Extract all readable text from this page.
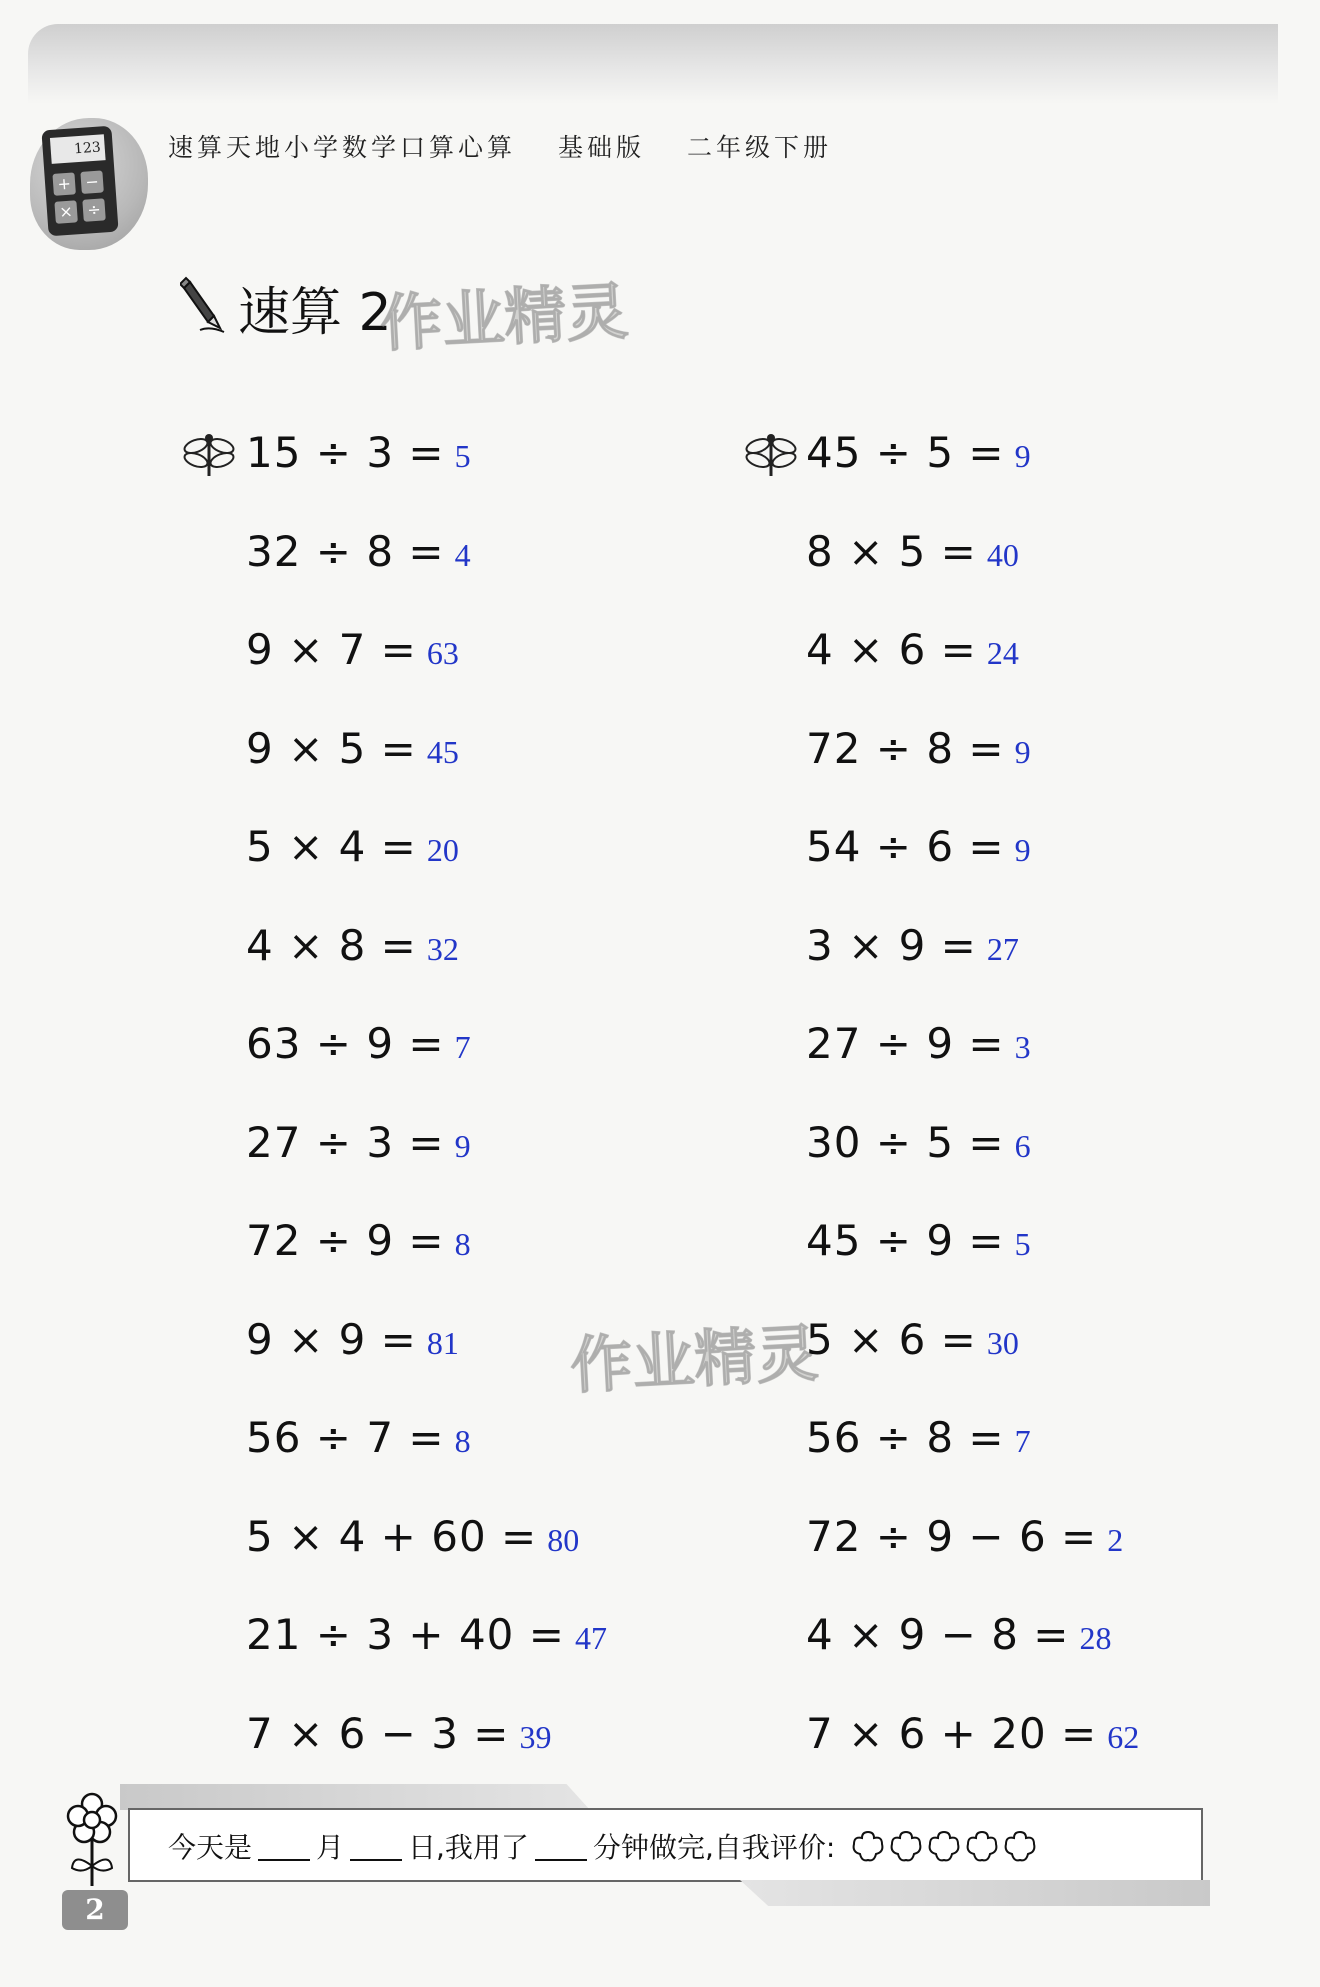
123
+ −
× ÷
速算天地小学数学口算心算 基础版 二年级下册
速算 2
作业精灵
作业精灵
15 ÷ 3 = 5
32 ÷ 8 = 4
9 × 7 = 63
9 × 5 = 45
5 × 4 = 20
4 × 8 = 32
63 ÷ 9 = 7
27 ÷ 3 = 9
72 ÷ 9 = 8
9 × 9 = 81
56 ÷ 7 = 8
5 × 4 + 60 = 80
21 ÷ 3 + 40 = 47
7 × 6 − 3 = 39
45 ÷ 5 = 9
8 × 5 = 40
4 × 6 = 24
72 ÷ 8 = 9
54 ÷ 6 = 9
3 × 9 = 27
27 ÷ 9 = 3
30 ÷ 5 = 6
45 ÷ 9 = 5
5 × 6 = 30
56 ÷ 8 = 7
72 ÷ 9 − 6 = 2
4 × 9 − 8 = 28
7 × 6 + 20 = 62
今天是 月 日,我用了 分钟做完,自我评价:
2
